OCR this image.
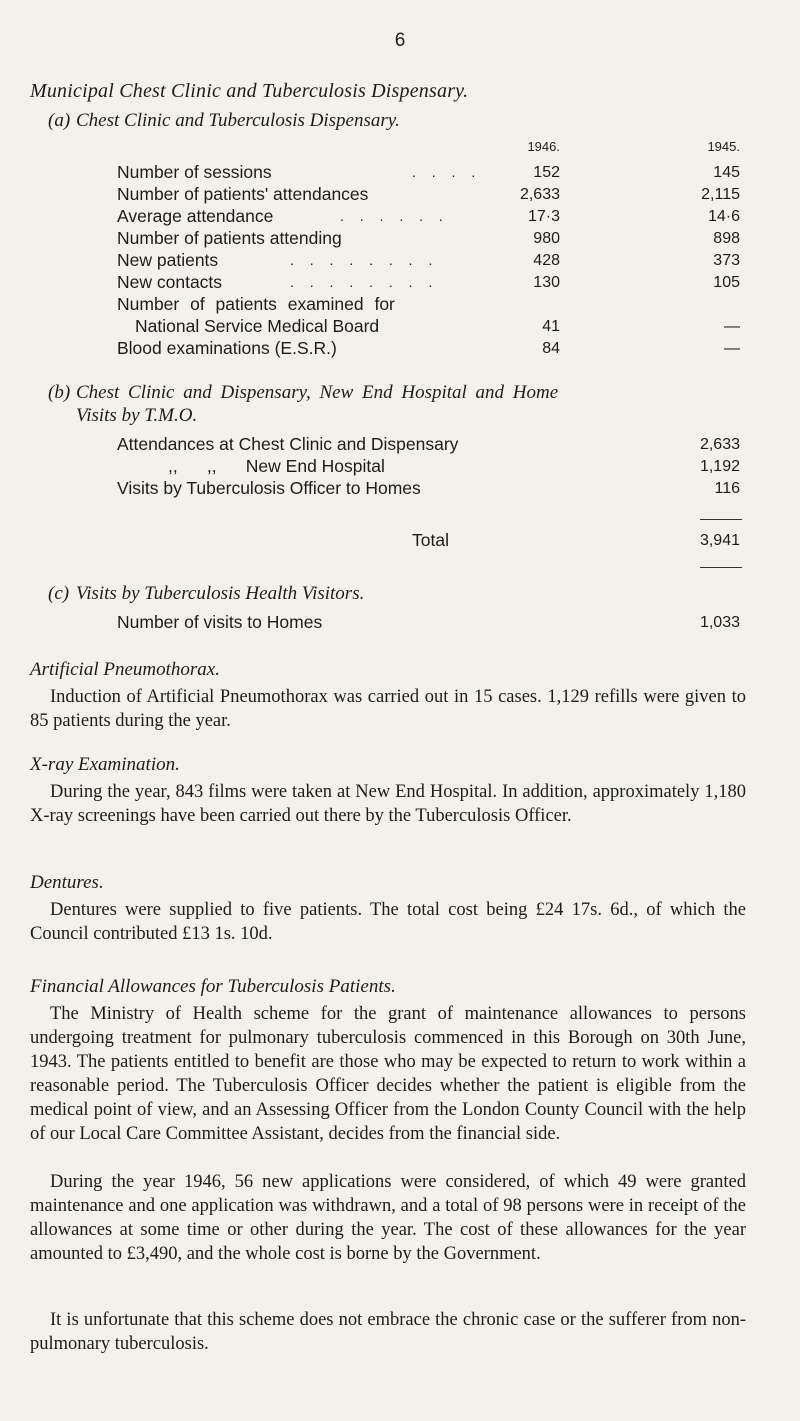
6
Municipal Chest Clinic and Tuberculosis Dispensary.
(a) Chest Clinic and Tuberculosis Dispensary.
1946.	1945.
Number of sessions	. . . .	152	145
Number of patients' attendances	2,633	2,115
Average attendance	. . . . . .	17·3	14·6
Number of patients attending	980	898
New patients	. . . . . . . .	428	373
New contacts	. . . . . . . .	130	105
Number of patients examined for
National Service Medical Board	41	—
Blood examinations (E.S.R.)	84	—
(b) Chest Clinic and Dispensary, New End Hospital and Home
Visits by T.M.O.
Attendances at Chest Clinic and Dispensary	2,633
,,      ,,      New End Hospital	1,192
Visits by Tuberculosis Officer to Homes	116
Total	3,941
(c) Visits by Tuberculosis Health Visitors.
Number of visits to Homes	1,033
Artificial Pneumothorax.
Induction of Artificial Pneumothorax was carried out in 15 cases. 1,129 refills were given to 85 patients during the year.
X-ray Examination.
During the year, 843 films were taken at New End Hospital. In addition, approximately 1,180 X-ray screenings have been carried out there by the Tuberculosis Officer.
Dentures.
Dentures were supplied to five patients. The total cost being £24 17s. 6d., of which the Council contributed £13 1s. 10d.
Financial Allowances for Tuberculosis Patients.
The Ministry of Health scheme for the grant of maintenance allowances to persons undergoing treatment for pulmonary tuberculosis commenced in this Borough on 30th June, 1943. The patients entitled to benefit are those who may be expected to return to work within a reasonable period. The Tuberculosis Officer decides whether the patient is eligible from the medical point of view, and an Assessing Officer from the London County Council with the help of our Local Care Committee Assistant, decides from the financial side.
During the year 1946, 56 new applications were considered, of which 49 were granted maintenance and one application was withdrawn, and a total of 98 persons were in receipt of the allowances at some time or other during the year. The cost of these allowances for the year amounted to £3,490, and the whole cost is borne by the Government.
It is unfortunate that this scheme does not embrace the chronic case or the sufferer from non-pulmonary tuberculosis.
